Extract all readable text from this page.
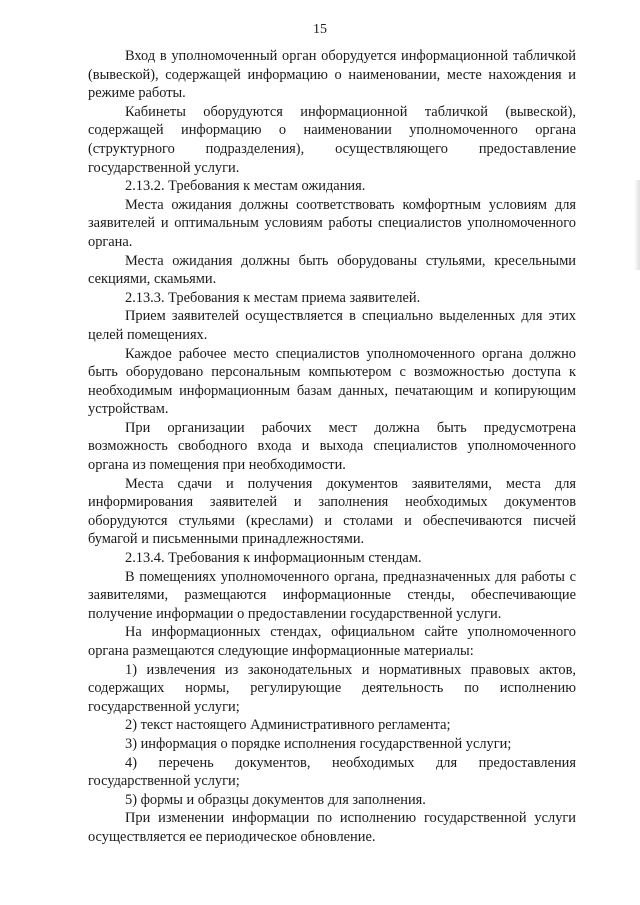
15

Вход в уполномоченный орган оборудуется информационной табличкой (вывеской), содержащей информацию о наименовании, месте нахождения и режиме работы.

Кабинеты оборудуются информационной табличкой (вывеской), содержащей информацию о наименовании уполномоченного органа (структурного подразделения), осуществляющего предоставление государственной услуги.

2.13.2. Требования к местам ожидания.

Места ожидания должны соответствовать комфортным условиям для заявителей и оптимальным условиям работы специалистов уполномоченного органа.

Места ожидания должны быть оборудованы стульями, кресельными секциями, скамьями.

2.13.3. Требования к местам приема заявителей.

Прием заявителей осуществляется в специально выделенных для этих целей помещениях.

Каждое рабочее место специалистов уполномоченного органа должно быть оборудовано персональным компьютером с возможностью доступа к необходимым информационным базам данных, печатающим и копирующим устройствам.

При организации рабочих мест должна быть предусмотрена возможность свободного входа и выхода специалистов уполномоченного органа из помещения при необходимости.

Места сдачи и получения документов заявителями, места для информирования заявителей и заполнения необходимых документов оборудуются стульями (креслами) и столами и обеспечиваются писчей бумагой и письменными принадлежностями.

2.13.4. Требования к информационным стендам.

В помещениях уполномоченного органа, предназначенных для работы с заявителями, размещаются информационные стенды, обеспечивающие получение информации о предоставлении государственной услуги.

На информационных стендах, официальном сайте уполномоченного органа размещаются следующие информационные материалы:

1) извлечения из законодательных и нормативных правовых актов, содержащих нормы, регулирующие деятельность по исполнению государственной услуги;

2) текст настоящего Административного регламента;

3) информация о порядке исполнения государственной услуги;

4) перечень документов, необходимых для предоставления государственной услуги;

5) формы и образцы документов для заполнения.

При изменении информации по исполнению государственной услуги осуществляется ее периодическое обновление.
